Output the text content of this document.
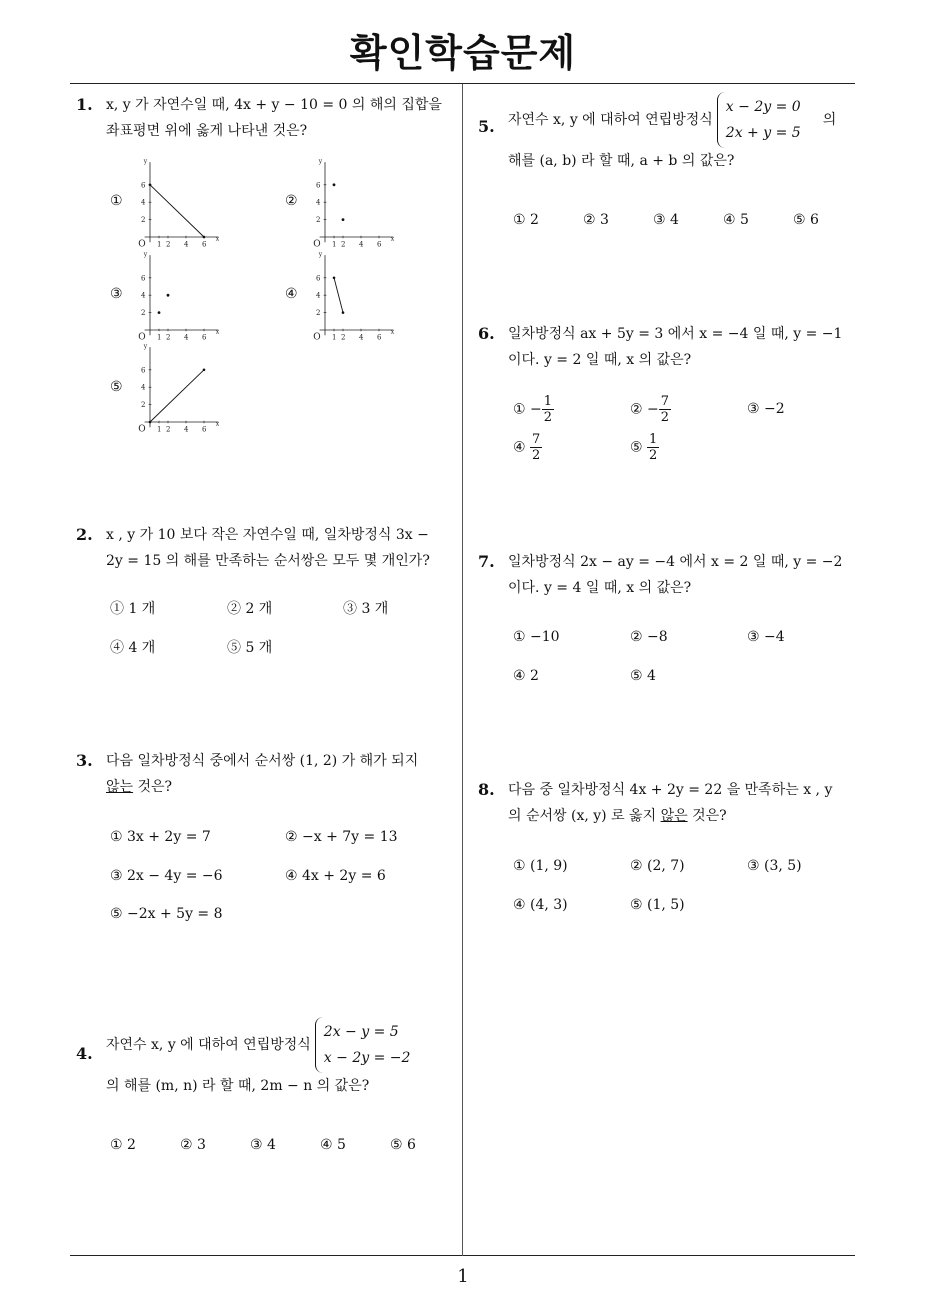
확인학습문제
1
1. x, y 가 자연수일 때, 4x + y − 10 = 0 의 해의 집합을
좌표평면 위에 옳게 나타낸 것은?
①	②
③	④
⑤
y
x
O
2
4
6
1 2 4 6
y
x
O
2
4
6
1 2 4 6
y
x
O
2
4
6
1 2 4 6
y
x
O
2
4
6
1 2 4 6
y
x
O
2
4
6
1 2 4 6
2. x , y 가 10 보다 작은 자연수일 때, 일차방정식 3x −
2y = 15 의 해를 만족하는 순서쌍은 모두 몇 개인가?
① 1 개	② 2 개	③ 3 개
④ 4 개	⑤ 5 개
3. 다음 일차방정식 중에서 순서쌍 (1, 2) 가 해가 되지
않는 것은?
① 3x + 2y = 7	② −x + 7y = 13
③ 2x − 4y = −6	④ 4x + 2y = 6
⑤ −2x + 5y = 8
4. 자연수 x, y 에 대하여 연립방정식
2x − y = 5
x − 2y = −2
의 해를 (m, n) 라 할 때, 2m − n 의 값은?
① 2	② 3	③ 4	④ 5	⑤ 6
5. 자연수 x, y 에 대하여 연립방정식
x − 2y = 0
2x + y = 5
의
해를 (a, b) 라 할 때, a + b 의 값은?
① 2	② 3	③ 4	④ 5	⑤ 6
6. 일차방정식 ax + 5y = 3 에서 x = −4 일 때, y = −1
이다. y = 2 일 때, x 의 값은?
① − $\frac{1}{2}$	② − $\frac{7}{2}$	③ −2
④ $\frac{7}{2}$	⑤ $\frac{1}{2}$
7. 일차방정식 2x − ay = −4 에서 x = 2 일 때, y = −2
이다. y = 4 일 때, x 의 값은?
① −10	② −8	③ −4
④ 2	⑤ 4
8. 다음 중 일차방정식 4x + 2y = 22 을 만족하는 x , y
의 순서쌍 (x, y) 로 옳지 않은 것은?
① (1, 9)	② (2, 7)	③ (3, 5)
④ (4, 3)	⑤ (1, 5)
